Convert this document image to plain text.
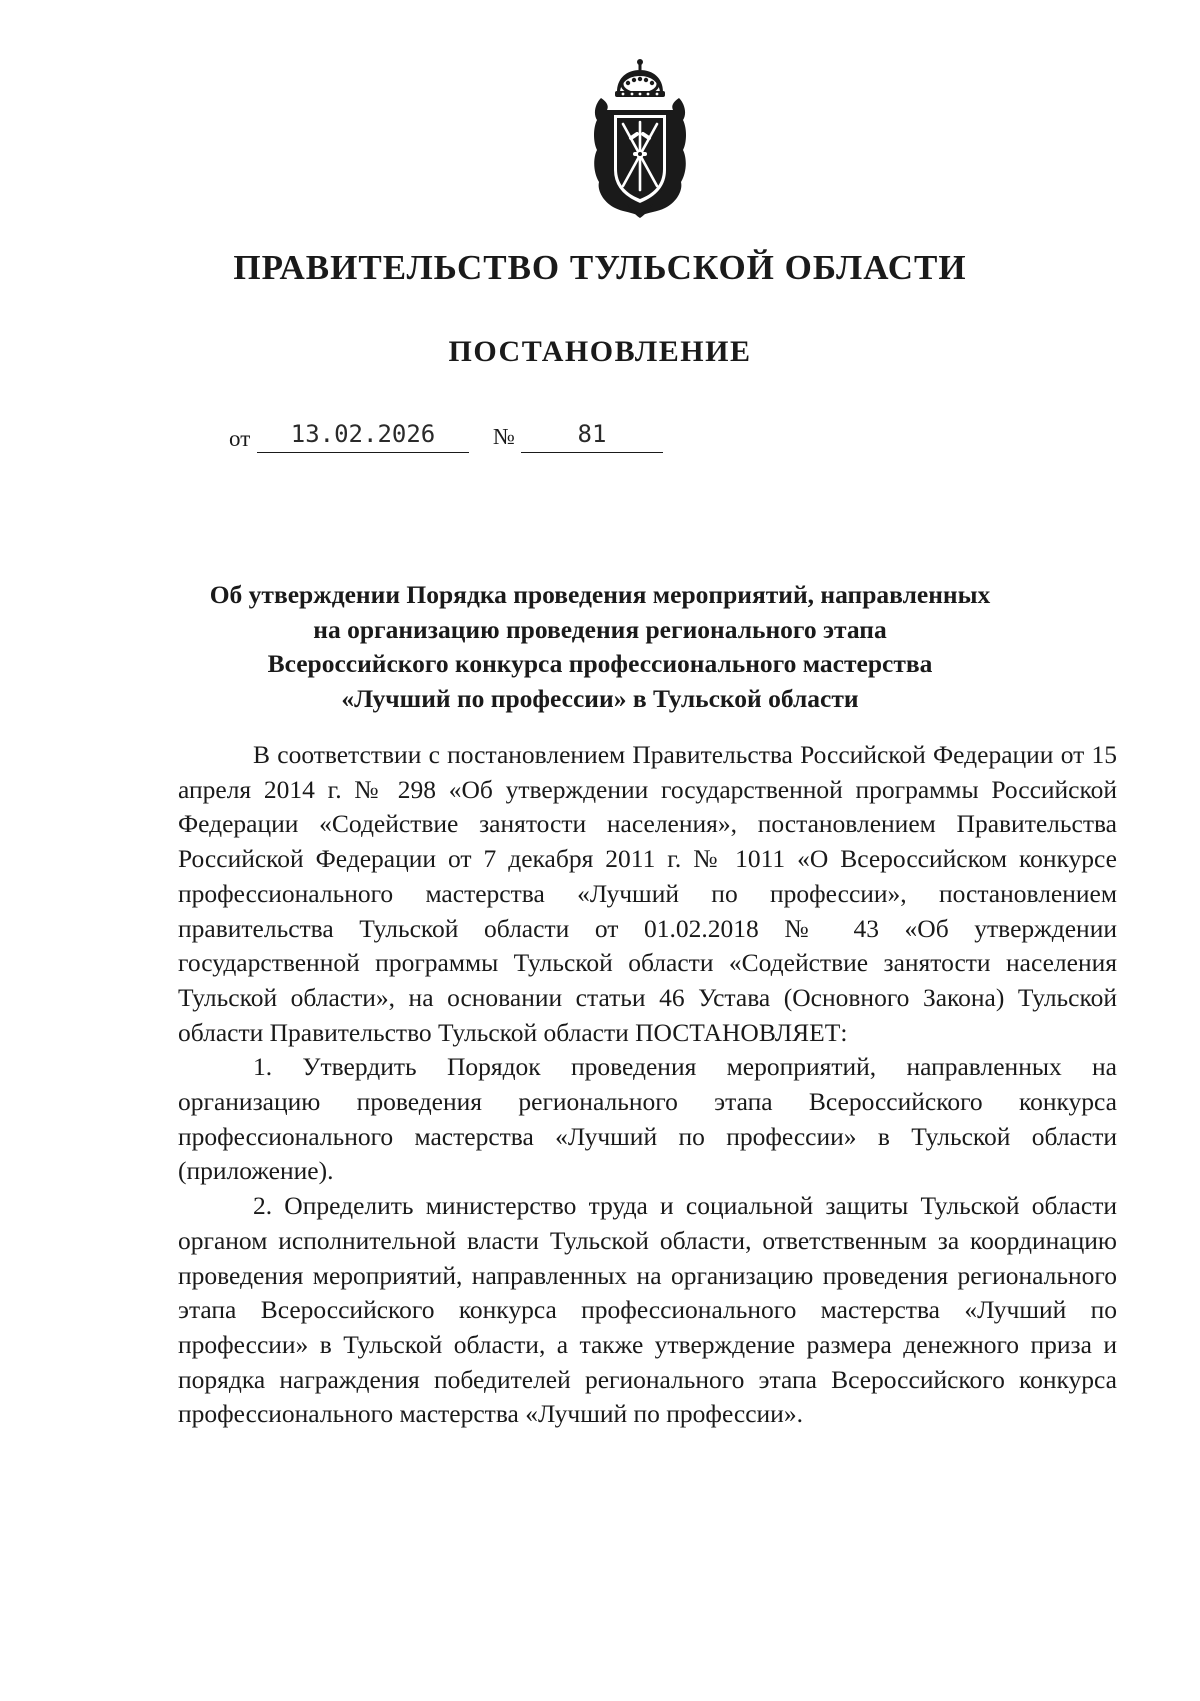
ПРАВИТЕЛЬСТВО ТУЛЬСКОЙ ОБЛАСТИ
ПОСТАНОВЛЕНИЕ
от	13.02.2026	№	81
Об утверждении Порядка проведения мероприятий, направленных
на организацию проведения регионального этапа
Всероссийского конкурса профессионального мастерства
«Лучший по профессии» в Тульской области

В соответствии с постановлением Правительства Российской Федерации от 15 апреля 2014 г. № 298 «Об утверждении государственной программы Российской Федерации «Содействие занятости населения», постановлением Правительства Российской Федерации от 7 декабря 2011 г. № 1011 «О Всероссийском конкурсе профессионального мастерства «Лучший по профессии», постановлением правительства Тульской области от 01.02.2018 № 43 «Об утверждении государственной программы Тульской области «Содействие занятости населения Тульской области», на основании статьи 46 Устава (Основного Закона) Тульской области Правительство Тульской области ПОСТАНОВЛЯЕТ:

1. Утвердить Порядок проведения мероприятий, направленных на организацию проведения регионального этапа Всероссийского конкурса профессионального мастерства «Лучший по профессии» в Тульской области (приложение).

2. Определить министерство труда и социальной защиты Тульской области органом исполнительной власти Тульской области, ответственным за координацию проведения мероприятий, направленных на организацию проведения регионального этапа Всероссийского конкурса профессионального мастерства «Лучший по профессии» в Тульской области, а также утверждение размера денежного приза и порядка награждения победителей регионального этапа Всероссийского конкурса профессионального мастерства «Лучший по профессии».
